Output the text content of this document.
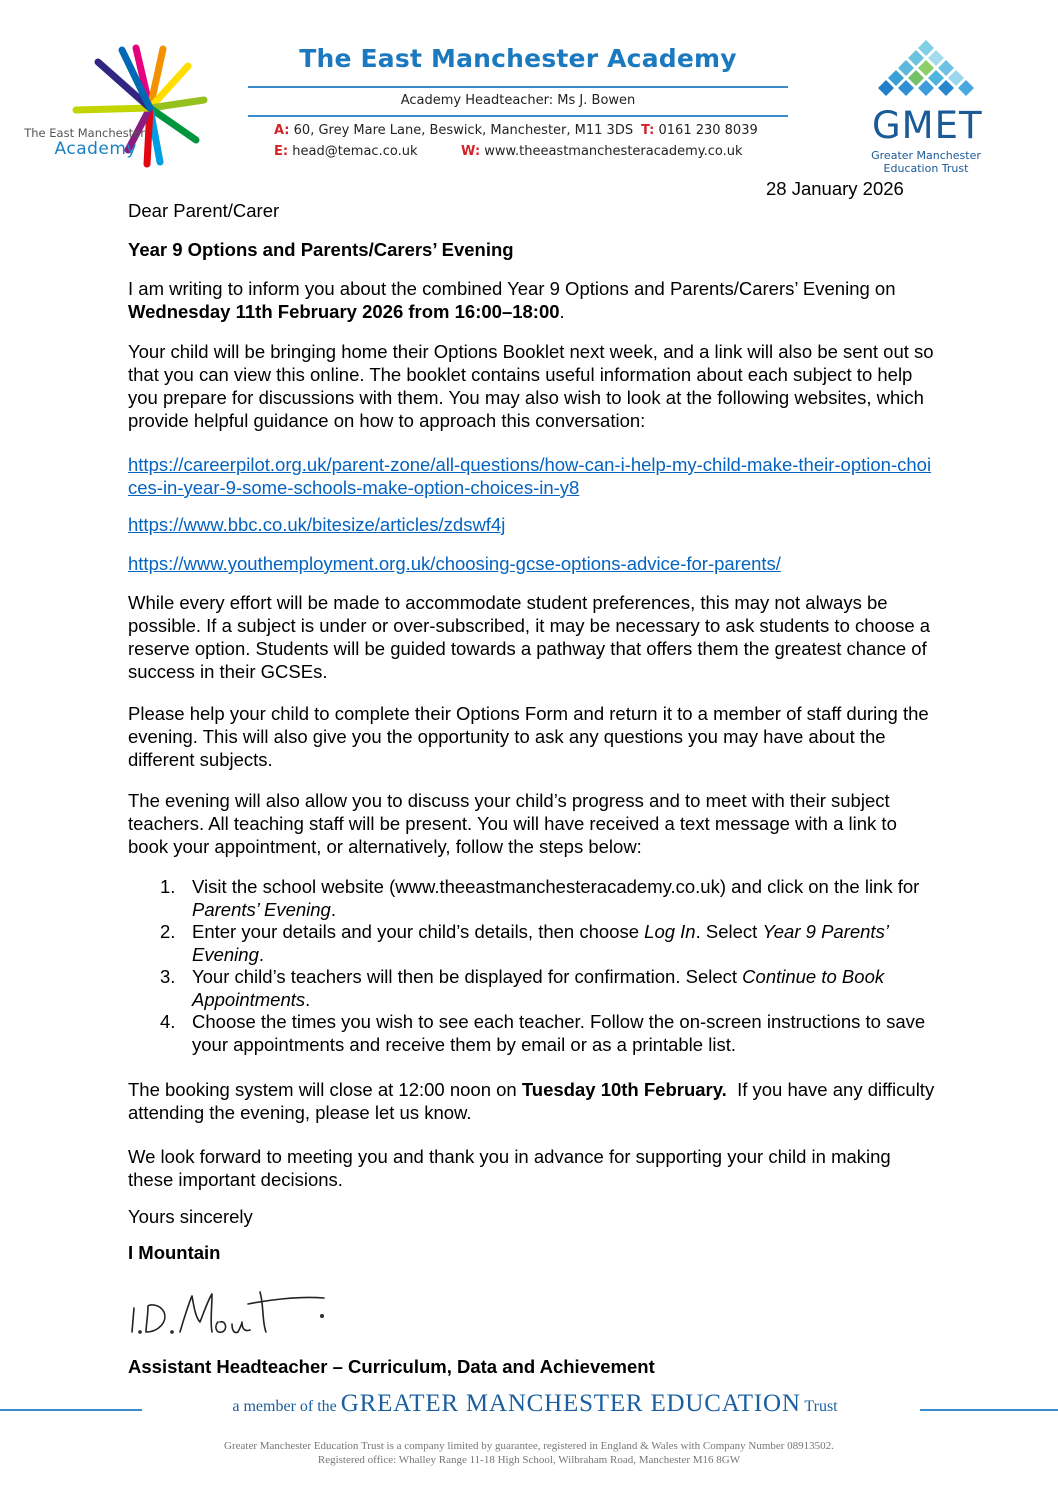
The East Manchester
Academy
The East Manchester Academy
Academy Headteacher: Ms J. Bowen
A: 60, Grey Mare Lane, Beswick, Manchester, M11 3DS T: 0161 230 8039
E: head@temac.co.uk	W: www.theeastmanchesteracademy.co.uk
GMET
Greater Manchester
Education Trust
28 January 2026
Dear Parent/Carer
Year 9 Options and Parents/Carers’ Evening
I am writing to inform you about the combined Year 9 Options and Parents/Carers’ Evening on Wednesday 11th February 2026 from 16:00–18:00.
Your child will be bringing home their Options Booklet next week, and a link will also be sent out so that you can view this online. The booklet contains useful information about each subject to help you prepare for discussions with them. You may also wish to look at the following websites, which provide helpful guidance on how to approach this conversation:
https://careerpilot.org.uk/parent-zone/all-questions/how-can-i-help-my-child-make-their-option-choices-in-year-9-some-schools-make-option-choices-in-y8
https://www.bbc.co.uk/bitesize/articles/zdswf4j
https://www.youthemployment.org.uk/choosing-gcse-options-advice-for-parents/
While every effort will be made to accommodate student preferences, this may not always be possible. If a subject is under or over-subscribed, it may be necessary to ask students to choose a reserve option. Students will be guided towards a pathway that offers them the greatest chance of success in their GCSEs.
Please help your child to complete their Options Form and return it to a member of staff during the evening. This will also give you the opportunity to ask any questions you may have about the different subjects.
The evening will also allow you to discuss your child’s progress and to meet with their subject teachers. All teaching staff will be present. You will have received a text message with a link to book your appointment, or alternatively, follow the steps below:
1. Visit the school website (www.theeastmanchesteracademy.co.uk) and click on the link for Parents’ Evening.
2. Enter your details and your child’s details, then choose Log In. Select Year 9 Parents’ Evening.
3. Your child’s teachers will then be displayed for confirmation. Select Continue to Book Appointments.
4. Choose the times you wish to see each teacher. Follow the on-screen instructions to save your appointments and receive them by email or as a printable list.
The booking system will close at 12:00 noon on Tuesday 10th February.  If you have any difficulty attending the evening, please let us know.
We look forward to meeting you and thank you in advance for supporting your child in making these important decisions.
Yours sincerely
I Mountain
Assistant Headteacher – Curriculum, Data and Achievement
a member of the GREATER MANCHESTER EDUCATION Trust
Greater Manchester Education Trust is a company limited by guarantee, registered in England & Wales with Company Number 08913502.
Registered office: Whalley Range 11-18 High School, Wilbraham Road, Manchester M16 8GW
